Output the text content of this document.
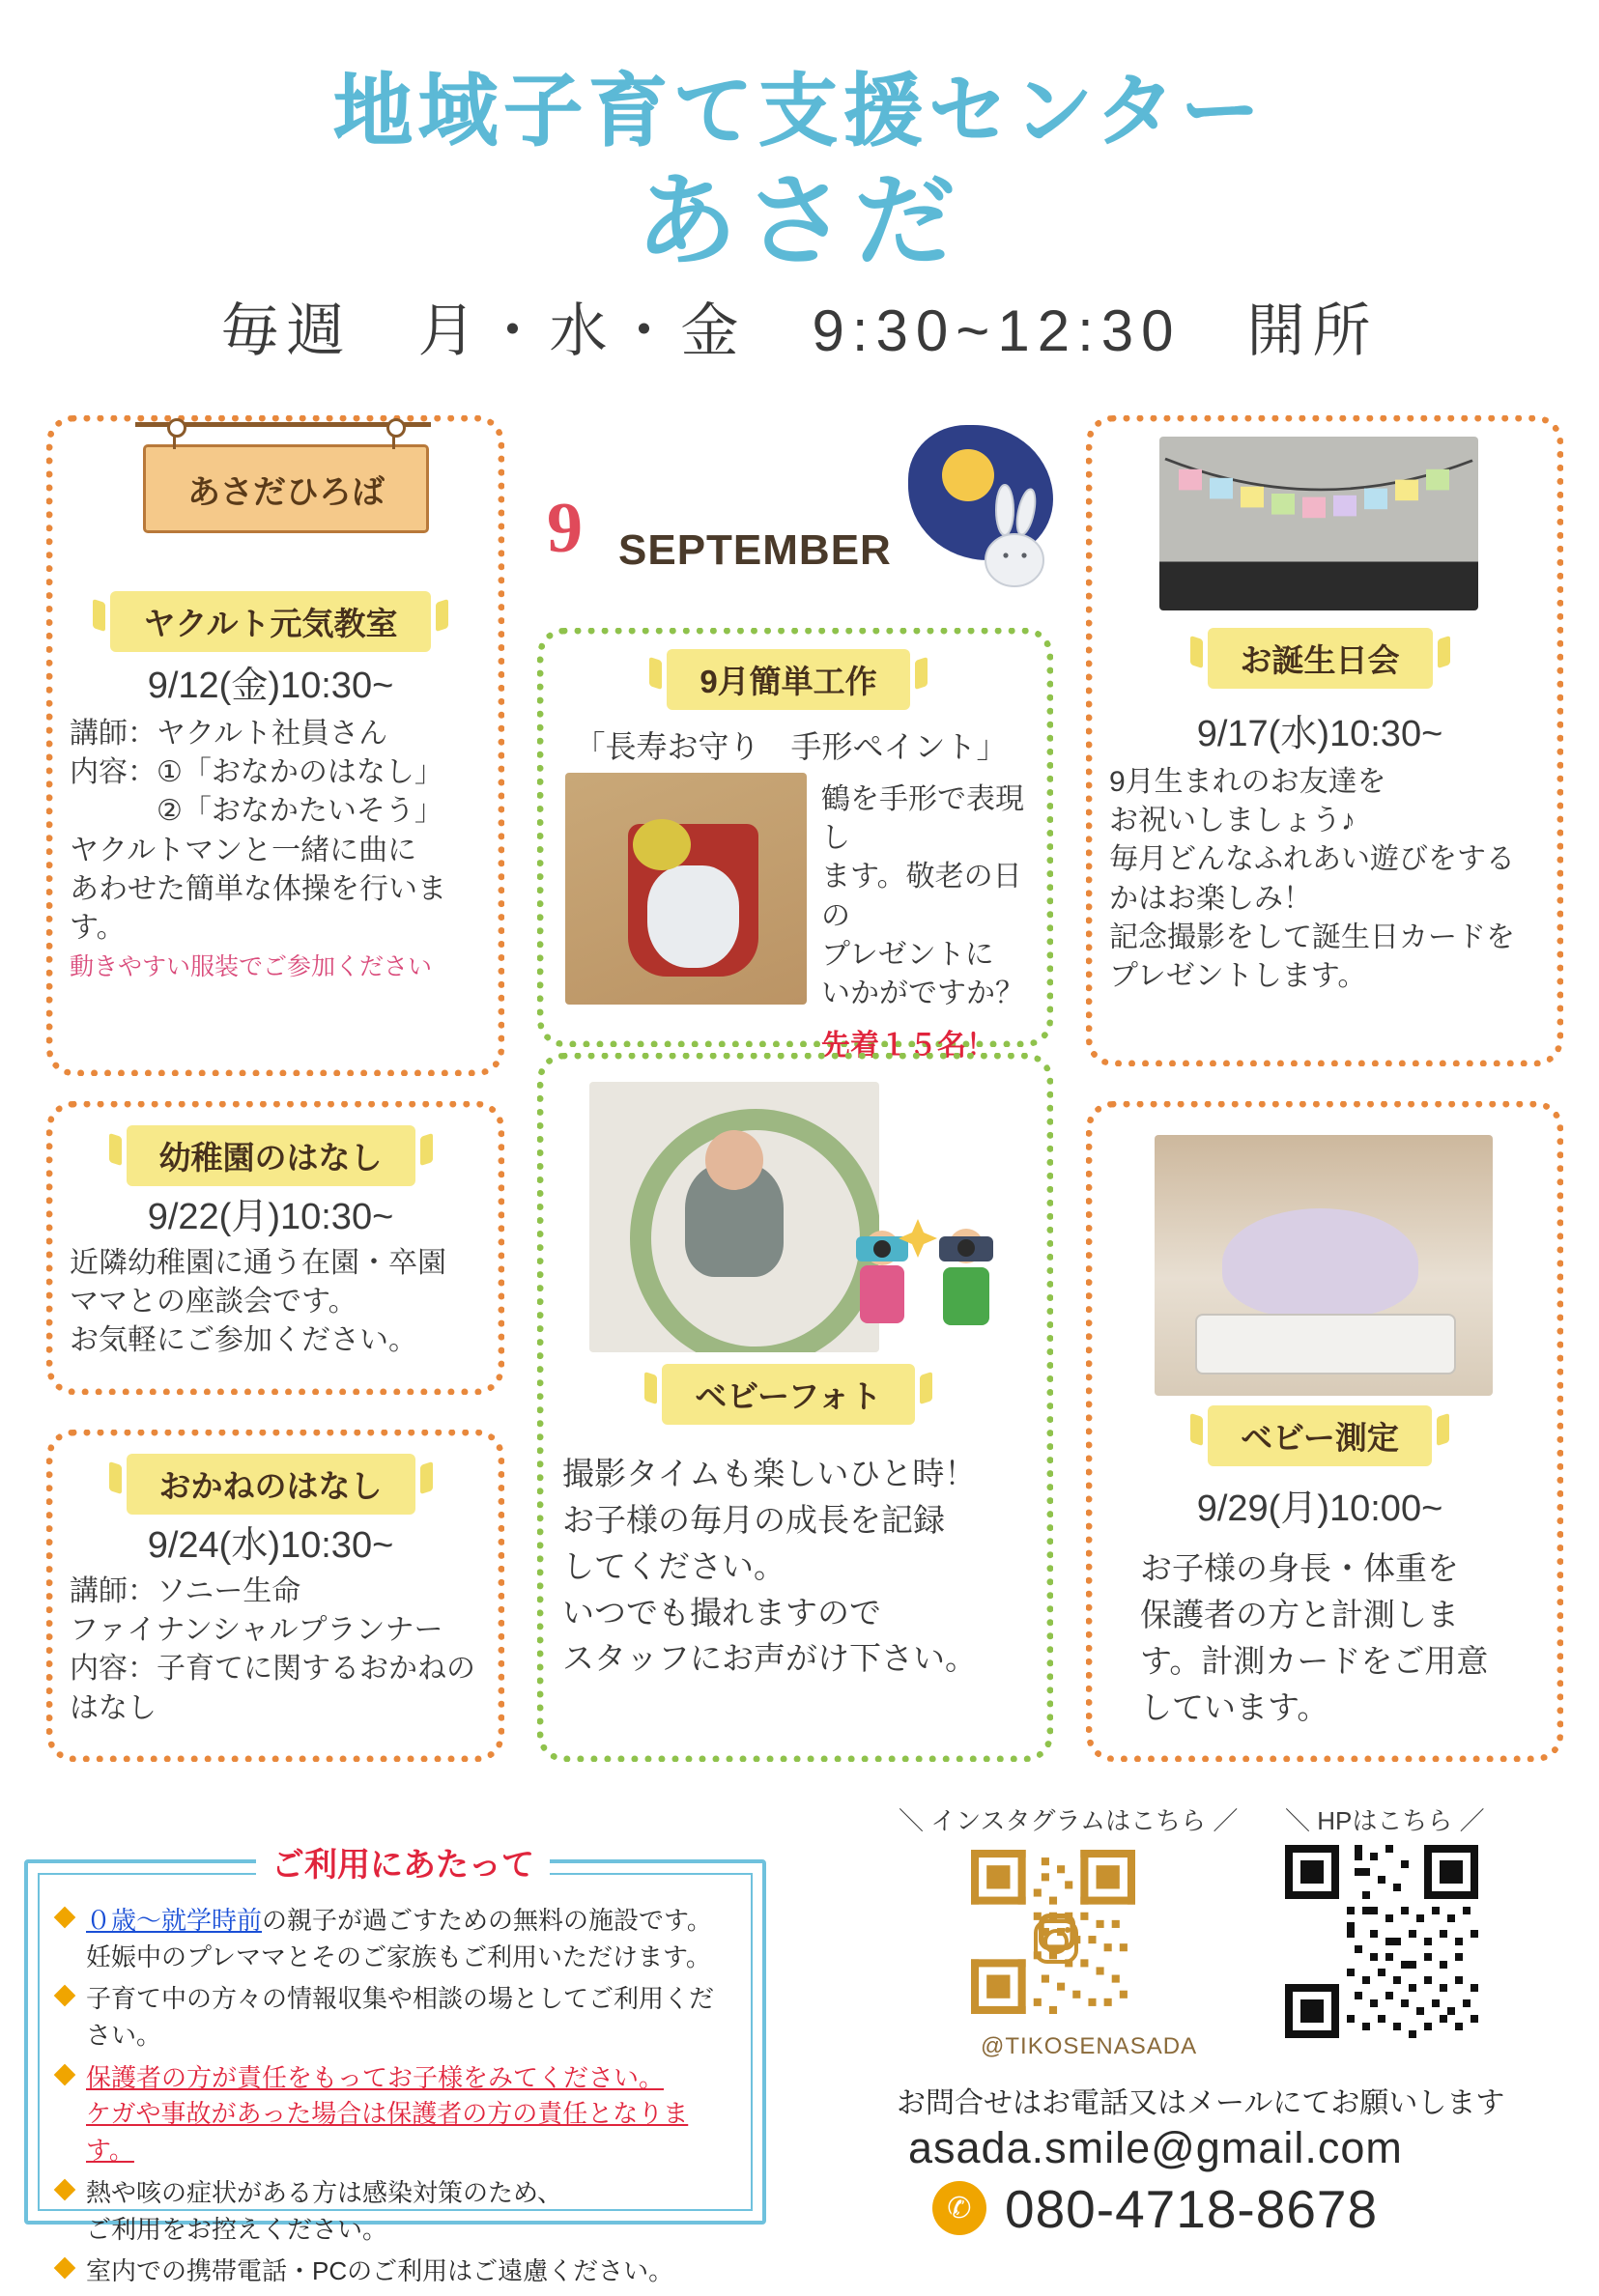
地域子育て支援センター
あさだ
毎週　月・水・金　9:30~12:30　開所
あさだひろば
ヤクルト元気教室
9/12(金)10:30~
講師：ヤクルト社員さん
内容：①「おなかのはなし」
　　　②「おなかたいそう」
ヤクルトマンと一緒に曲に
あわせた簡単な体操を行いま
す。
動きやすい服装でご参加ください
幼稚園のはなし
9/22(月)10:30~
近隣幼稚園に通う在園・卒園
ママとの座談会です。
お気軽にご参加ください。
おかねのはなし
9/24(水)10:30~
講師：ソニー生命
ファイナンシャルプランナー
内容：子育てに関するおかねの
はなし
9 SEPTEMBER
9月簡単工作
「長寿お守り　手形ペイント」
鶴を手形で表現し
ます。敬老の日の
プレゼントに
いかがですか？
先着１５名！
ベビーフォト
撮影タイムも楽しいひと時！
お子様の毎月の成長を記録
してください。
いつでも撮れますので
スタッフにお声がけ下さい。
お誕生日会
9/17(水)10:30~
9月生まれのお友達を
お祝いしましょう♪
毎月どんなふれあい遊びをする
かはお楽しみ！
記念撮影をして誕生日カードを
プレゼントします。
ベビー測定
9/29(月)10:00~
お子様の身長・体重を
保護者の方と計測しま
す。計測カードをご用意
しています。
ご利用にあたって
０歳～就学時前の親子が過ごすための無料の施設です。
妊娠中のプレママとそのご家族もご利用いただけます。
子育て中の方々の情報収集や相談の場としてご利用ください。
保護者の方が責任をもってお子様をみてください。 ケガや事故があった場合は保護者の方の責任となります。
熱や咳の症状がある方は感染対策のため、
ご利用をお控えください。
室内での携帯電話・PCのご利用はご遠慮ください。
＼ インスタグラムはこちら ／ ＼ HPはこちら ／
@TIKOSENASADA
お問合せはお電話又はメールにてお願いします
asada.smile@gmail.com
✆ 080-4718-8678
